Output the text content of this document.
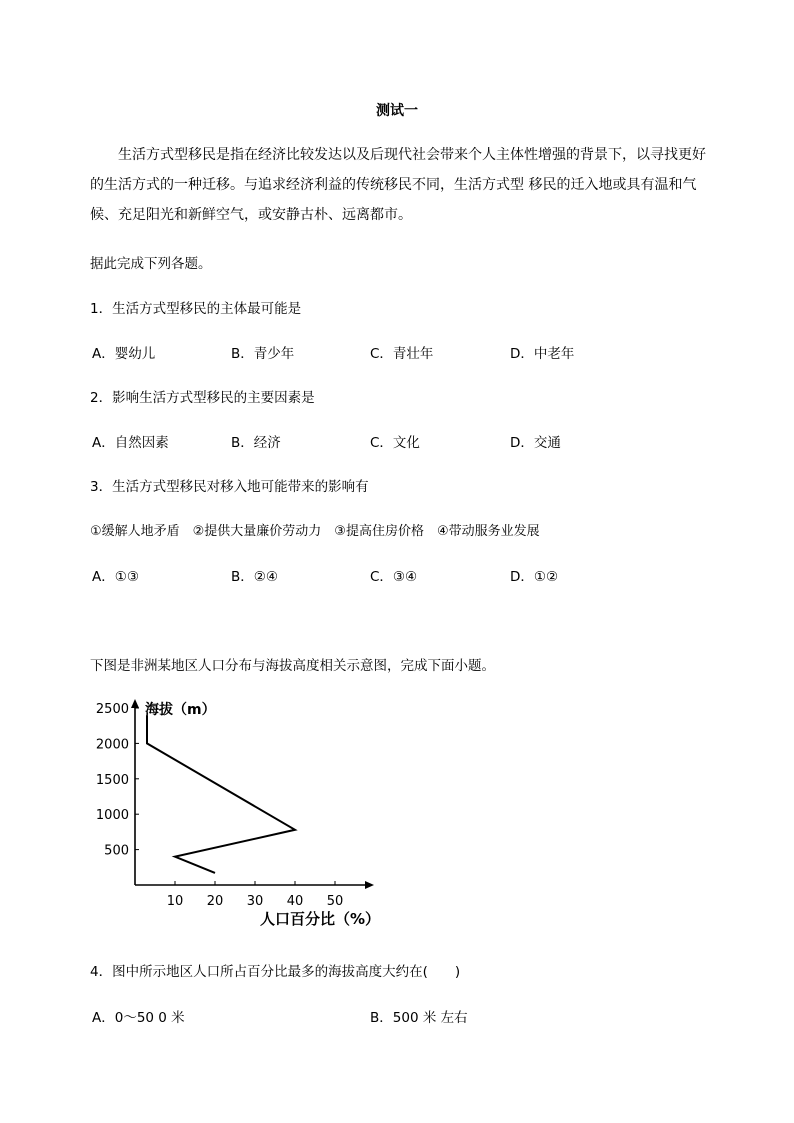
测试一
生活方式型移民是指在经济比较发达以及后现代社会带来个人主体性增强的背景下，以寻找更好的生活方式的一种迁移。与追求经济利益的传统移民不同，生活方式型 移民的迁入地或具有温和气候、充足阳光和新鲜空气，或安静古朴、远离都市。
据此完成下列各题。
1．生活方式型移民的主体最可能是
A．婴幼儿	B．青少年	C．青壮年	D．中老年
2．影响生活方式型移民的主要因素是
A．自然因素	B．经济	C．文化	D．交通
3．生活方式型移民对移入地可能带来的影响有
①缓解人地矛盾　②提供大量廉价劳动力　③提高住房价格　④带动服务业发展
A．①③	B．②④	C．③④	D．①②
下图是非洲某地区人口分布与海拔高度相关示意图，完成下面小题。
海拔（m）
人口百分比（%）
500
1000
1500
2000
2500
10 20 30 40 50
4．图中所示地区人口所占百分比最多的海拔高度大约在(　　)
A．0～50 0 米	B．500 米 左右
